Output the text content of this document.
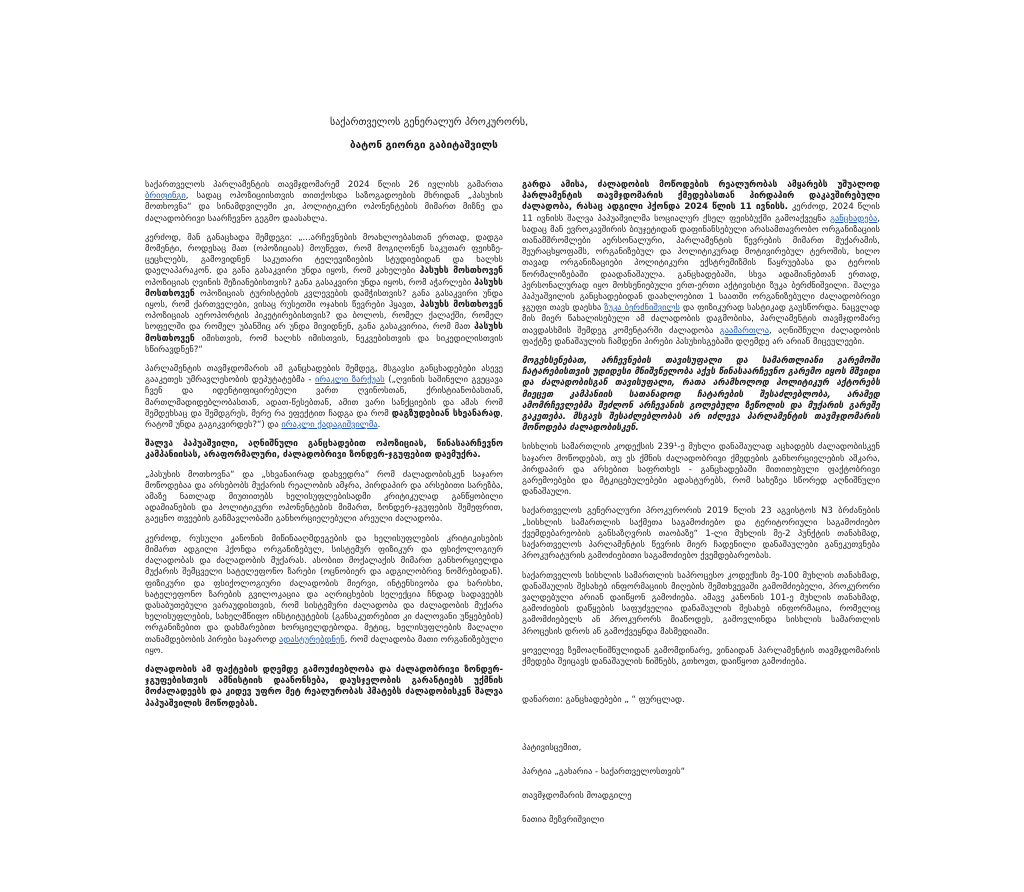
საქართველოს გენერალურ პროკურორს,
ბატონ გიორგი გაბიტაშვილს

საქართველოს პარლამენტის თავმჯდომარემ 2024 წლის 26 ივლისს გამართა ბრიფინგი, სადაც ოპოზიციისთვის თითქოსდა საზოგადოების მხრიდან „პასუხის მოთხოვნა“ და სინამდვილეში კი, პოლიტიკური ოპონენტების მიმართ მიზნე და ძალადობრივი საარჩევნო გეგმო დაასახლა.

კერძოდ, მან განაცხადა შემდეგი: „...არჩევნების მოახლოებასთან ერთად, დადგა მომენტი, როდესაც მათ (ოპოზიციას) მოუწევთ, რომ მოგიღონენ საკუთარ ფეიხზე-ცეცხლებს, გამოვიდნენ საკუთარი ტელევიზიების სტუდიებიდან და ხალხს დაელაპარაკონ. და განა გასაკვირი უნდა იყოს, რომ კახელები პასუხს მოსთხოვენ ოპოზიციას ღვინის შეზიანებისთვის? განა გასაკვირი უნდა იყოს, რომ აჭარლები პასუხს მოსთხოვენ ოპოზიციას ტურისტების კვლევების დამჭისთვის? განა გასაკვირი უნდა იყოს, რომ ქართველები, ვისაც რუსეთში ოჯახის წევრები ჰყავთ, პასუხს მოსთხოვენ ოპოზიციას აეროპორტის პიკეტირებისთვის? და ბოლოს, რომელ ქალაქში, რომელ სოფელში და რომელ უბანშიც არ უნდა მივიდნენ, განა გასაკვირია, რომ მათ პასუხს მოსთხოვენ იმისთვის, რომ ხალხს იმისთვის, ნეკვებისთვის და სიკედილისთვის სწირავდნენ?“

პარლამენტის თავმჯდომარის ამ განცხადების შემდეგ, მსგავსი განცხადებები ასევე გააკეთეს უმრავლესობის დეპუტატებმა - ირაკლი ზარქუას („ღვინის საშინელი გვეცავა ჩვენ და იდენტიფიცირებული ვართ ღვინოსთან, ქრისტიანობასთან, მართლმადიდებლობასთან, ადათ-წესებთან, ამით ვარი სანქციების და ამას რომ შემდეხსაც და შემდგრეს, მერე რა ეფექტით ჩადგა და რომ დაგზუდებიან სხეანარად, რატომ უნდა გაგიკვირდეს?“) და ირაკლი ქადაგიშვილმა.

შალვა პაპუაშვილი, აღნიშნული განცხადებით ოპოზიციას, წინასაარჩევნო კამპანიისას, არაფორმალური, ძალადობრივი ზონდერ-ჯგუფებით დაემუქრა.

„პასუხის მოთხოვნა“ და „სხვანაირად დახვედრა“ რომ ძალადობისკენ საჯარო მოწოდებაა და არსებობს მუქარის რეალობის ამჯრა, პირდაპირ და არსებითი სარეზბა, ამაზე ნათლად მიუთითებს ხელისუფლებისადმი კრიტიკულად განწყობილი ადამიანების და პოლიტიკური ოპონენტების მიმართ, ზონდერ-ჯგუფების შემეფრით, გაეცნო თვეების განმავლობაში განხორციელებული არეული ძალადობა.

კერძოდ, რუსული კანონის მიწინააღმდეგების და ხელისუფლების კრიტიკისების მიმართ ადგილი ჰქონდა ორგანიზებულ, სისტემურ ფიზიკურ და ფსიქოლოგიურ ძალადობას და ძალადობის მუქარას. ასობით მოქალაქის მიმართ განხორციელდა მუქარის შემცველი სატელეფონო ზარები (ოცნობიერ და ადგილობრივ ნომრებიდან). ფიზიკური და ფსიქოლოგიური ძალადობის მიერვი, ინტენსივობა და ხარისხი, სატელეფონო ზარების გვილოკაცია და აღრიცხების სელექცია ჩნდად სადავეებს დასაბუთებული ვარაუდისთვის, რომ სისტემური ძალადობა და ძალადობის მუქარა ხელისუფლების, სახელმწიფო ინსტიტუტების (განსაკუთრებით კი ძალოვანი უწყებების) ორგანიზებით და დახმარებით ხორციელდებოდა. მეტიც, ხელისუფლების მალალი თანამდებობის პირები საჯაროდ ადასტურებდნენ, რომ ძალადობა მათი ორგანიზებული იყო.

ძალადობის ამ ფაქტების დღემდე გამოუძიებლობა და ძალადობრივი ზონდერ-ჯგუფებისთვის ამნისტიის დაანონსება, დაუსჯელობის გარანტიებს უქმნის მოძალადეებს და კიდევ უფრო მეტ რეალურობას ჰმატებს ძალადობისკენ შალვა პაპუაშვილის მოწოდებას.

გარდა ამისა, ძალადობის მოწოდების რეალურობას ამყარებს უშუალოდ პარლამენტის თავმჯდომარის ქმედებასთან პირდაპირ დაკავშირებული ძალადობა, რასაც ადგილი ჰქონდა 2024 წლის 11 ივნისს. კერძოდ, 2024 წლის 11 ივნისს შალვა პაპუაშვილმა სოციალურ ქსელ ფეისბუქში გამოაქვეყნა განცხადება, სადაც მან ევროკავშირის ბიუჯეტიდან დაფინანსებული არასამთავრობო ორგანიზაციის თანამშრომლები აერსონალური, პარლამენტის წევრების მიმართ მუქარამის, შეურაცხყოფამს, ორგანიზებულ და პოლიტიკურად მოტივირებულ ტეროშის, ხილო თავად ორგანიზაციები პოლიტიკური ექსტრემიზმის წაყრუებასა და ტეროის წორმალიზებაში დაადანაშაულა. განცხადებაში, სხვა ადამიანებთან ერთად, პერსონალურად იყო მოხსენიებული ერთ-ერთი აქტივისტი ზუკა ბერძნიშვილი. შალვა პაპუაშვილის განცხადებიდან დაახლოებით 1 საათში ორგანიზებული ძალადობრივი ჯგუფი თავს დაესხა ზუკა ბერძნიშვილს და ფიზიკურად სასტიკად გაუსწორდა. ნაცვლად მის მიერ წახალისებული ამ ძალადობის დაგმობისა, პარლამენტის თავმჯდომარე თავდასხმის შემდეგ კომენტარში ძალადობა გაამართლა, აღნიშნული ძალადობის ფაქტზე დანაშაულის ჩამდენი პირები პასუხისგებაში დღემდე არ არიან მიცეულეები.

მოგეხსენებათ, არჩევნების თავისუფალი და სამართლიანი გარემოში ჩატარებისთვის უდიდესი მნიშვნელობა აქვს წინასაარჩევნო გარემო იყოს მშვიდი და ძალადობისგან თავისუფალი, რათა არამხოლოდ პოლიტიკურ აქტორებს მიეცეთ კამპანიის სათანადოდ ჩატარების შესაძლებლობა, არამედ ამომრჩევლებმა შეძლონ არჩევანის გოლებული ზეწოლის და მუქარის გარეშე გაკეთება. მსგავს შესაძლებლობას არ იძლევა პარლამენტის თავმჯდომარის მოწოდება ძალადობისკენ.

სისხლის სამართლის კოდექსის 239¹-ე მუხლი დანაშაულად აცხადებს ძალადობისკენ საჯარო მოწოდებას, თუ ეს ქმნის ძალადობრივი ქმედების განხორციელების აშკარა, პირდაპირ და არსებით საფრთხეს - განცხადებაში მითითებული ფაქტობრივი გარემოებები და მტკიცებულებები ადასტურებს, რომ სახეზეა სწორედ აღნიშნული დანაშაული.

საქართველოს გენერალური პროკურორის 2019 წლის 23 აგვისტოს N3 ბრძანების „სისხლის სამართლის საქმეთა საგამოძიებო და ტერიტორიული საგამოძიებო ქვემდებარეობის განსაზღვრის თაობაზე“ 1-ლი მუხლის მე-2 პუნქტის თანახმად, საქართველოს პარლამენტის წევრის მიერ ჩადენილი დანაშაულები განეკუთვნება პროკურატურის გამოძიებითი საგამოძიებო ქვემდებარეობას.

საქართველოს სისხლის სამართლის საპროცესო კოდექსის მე-100 მუხლის თანახმად, დანაშაულის შესახებ ინფორმაციის მიღების შემთხვევაში გამომძიებელი, პროკურორი ვალდებული არიან დაიწყონ გამოძიება. ამავე კანონის 101-ე მუხლის თანახმად, გამოძიების დაწყების საფუძველია დანაშაულის შესახებ ინფორმაცია, რომელიც გამომძიებელს ან პროკურორს მიაწოდეს, გამოვლინდა სისხლის სამართლის პროცესის დროს ან გამოქვეყნდა მასმედიაში.

ყოველივე ზემოაღნიშნულიდან გამომდინარე, ვინაიდან პარლამენტის თავმჯდომარის ქმედება შეიცავს დანაშაულის ნიშნებს, გთხოვთ, დაიწყოთ გამოძიება.

დანართი: განცხადებები „ “ ფურცლად.
პატივისცემით,
პარტია „გახარია - საქართველოსთვის“
თავმჯდომარის მოადგილე
ნათია მეზვრიშვილი
